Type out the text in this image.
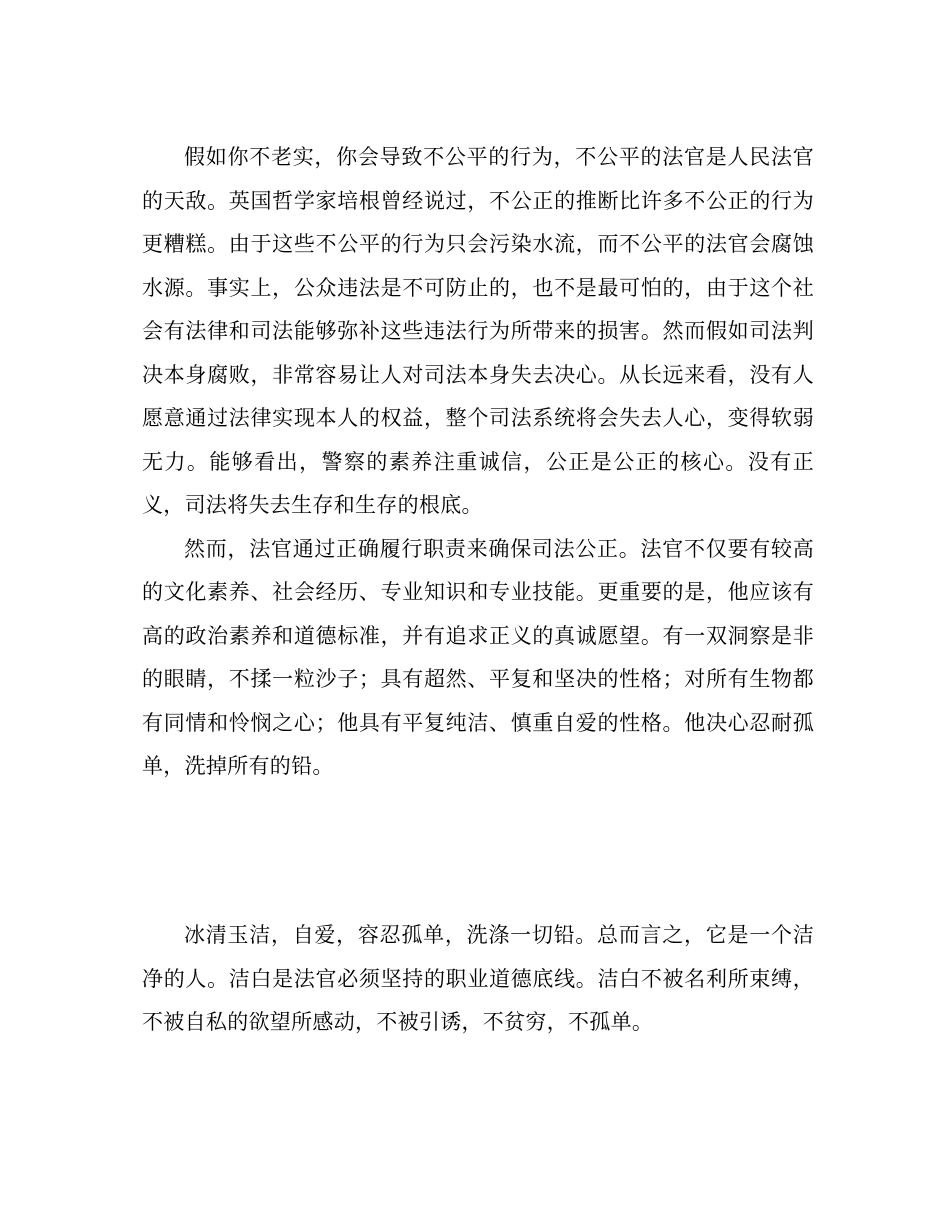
假如你不老实，你会导致不公平的行为，不公平的法官是人民法官的天敌。英国哲学家培根曾经说过，不公正的推断比许多不公正的行为更糟糕。由于这些不公平的行为只会污染水流，而不公平的法官会腐蚀水源。事实上，公众违法是不可防止的，也不是最可怕的，由于这个社会有法律和司法能够弥补这些违法行为所带来的损害。然而假如司法判决本身腐败，非常容易让人对司法本身失去决心。从长远来看，没有人愿意通过法律实现本人的权益，整个司法系统将会失去人心，变得软弱无力。能够看出，警察的素养注重诚信，公正是公正的核心。没有正义，司法将失去生存和生存的根底。

然而，法官通过正确履行职责来确保司法公正。法官不仅要有较高的文化素养、社会经历、专业知识和专业技能。更重要的是，他应该有高的政治素养和道德标准，并有追求正义的真诚愿望。有一双洞察是非的眼睛，不揉一粒沙子；具有超然、平复和坚决的性格；对所有生物都有同情和怜悯之心；他具有平复纯洁、慎重自爱的性格。他决心忍耐孤单，洗掉所有的铅。

冰清玉洁，自爱，容忍孤单，洗涤一切铅。总而言之，它是一个洁净的人。洁白是法官必须坚持的职业道德底线。洁白不被名利所束缚，不被自私的欲望所感动，不被引诱，不贫穷，不孤单。
